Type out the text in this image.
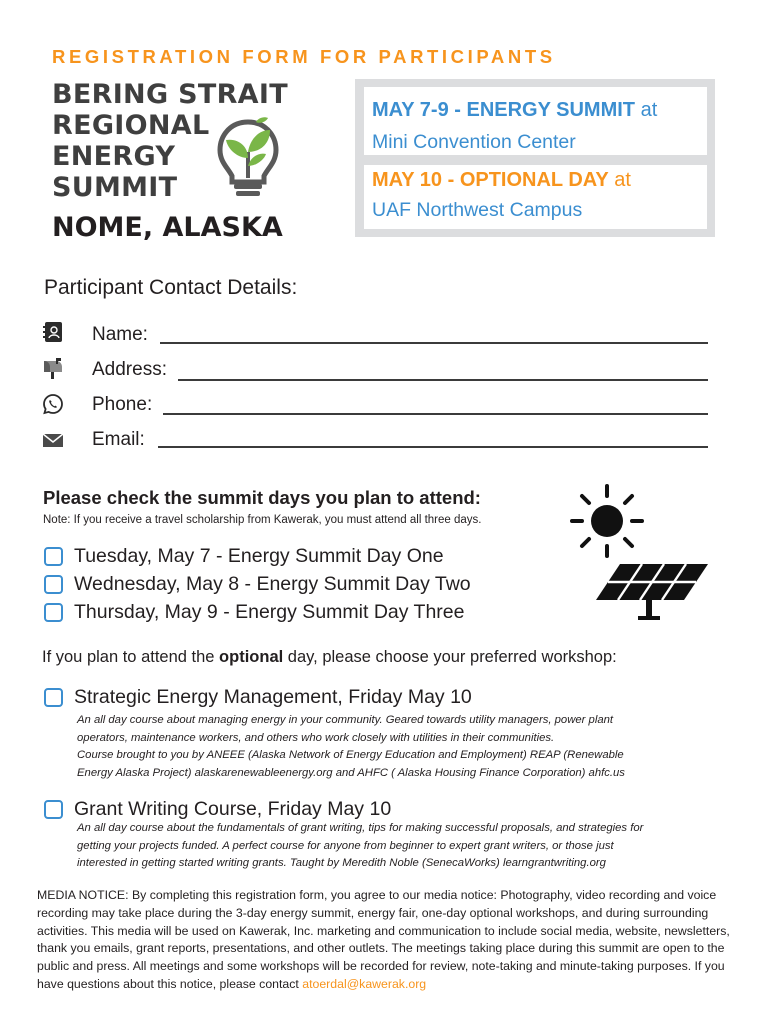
REGISTRATION FORM FOR PARTICIPANTS
BERING STRAIT
REGIONAL
ENERGY
SUMMIT
NOME, ALASKA
MAY 7-9 - ENERGY SUMMIT at
Mini Convention Center
MAY 10 - OPTIONAL DAY at
UAF Northwest Campus
Participant Contact Details:
Name:
Address:
Phone:
Email:
Please check the summit days you plan to attend:
Note: If you receive a travel scholarship from Kawerak, you must attend all three days.
Tuesday, May 7 - Energy Summit Day One
Wednesday, May 8 - Energy Summit Day Two
Thursday, May 9 - Energy Summit Day Three
If you plan to attend the optional day, please choose your preferred workshop:
Strategic Energy Management, Friday May 10
An all day course about managing energy in your community. Geared towards utility managers, power plant
operators, maintenance workers, and others who work closely with utilities in their communities.
Course brought to you by ANEEE (Alaska Network of Energy Education and Employment) REAP (Renewable
Energy Alaska Project) alaskarenewableenergy.org and AHFC ( Alaska Housing Finance Corporation) ahfc.us
Grant Writing Course, Friday May 10
An all day course about the fundamentals of grant writing, tips for making successful proposals, and strategies for
getting your projects funded. A perfect course for anyone from beginner to expert grant writers, or those just
interested in getting started writing grants. Taught by Meredith Noble (SenecaWorks) learngrantwriting.org
MEDIA NOTICE: By completing this registration form, you agree to our media notice: Photography, video recording and voice recording may take place during the 3-day energy summit, energy fair, one-day optional workshops, and during surrounding activities. This media will be used on Kawerak, Inc. marketing and communication to include social media, website, newsletters, thank you emails, grant reports, presentations, and other outlets. The meetings taking place during this summit are open to the public and press. All meetings and some workshops will be recorded for review, note-taking and minute-taking purposes. If you have questions about this notice, please contact atoerdal@kawerak.org
